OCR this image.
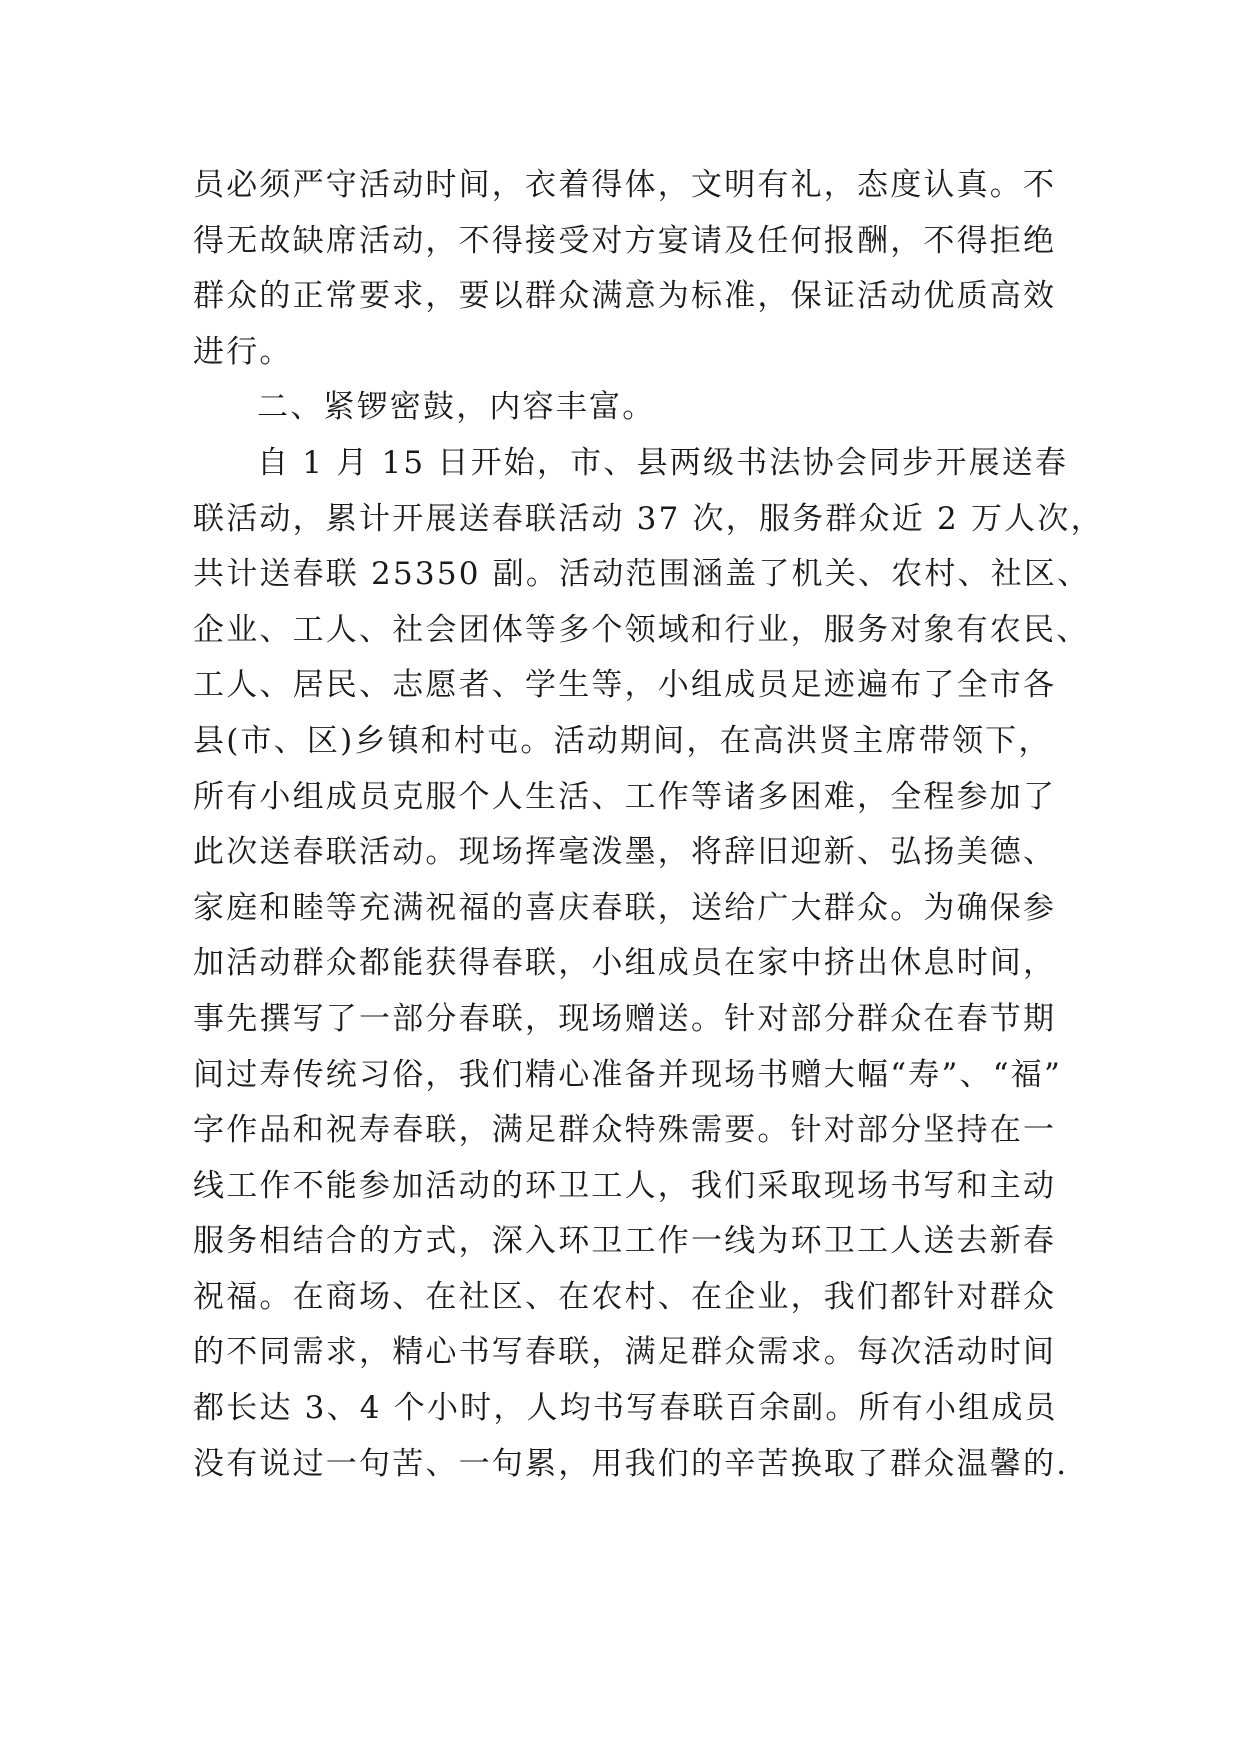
员必须严守活动时间，衣着得体，文明有礼，态度认真。不
得无故缺席活动，不得接受对方宴请及任何报酬，不得拒绝
群众的正常要求，要以群众满意为标准，保证活动优质高效
进行。
二、紧锣密鼓，内容丰富。
自 1 月 15 日开始，市、县两级书法协会同步开展送春
联活动，累计开展送春联活动 37 次，服务群众近 2 万人次，
共计送春联 25350 副。活动范围涵盖了机关、农村、社区、
企业、工人、社会团体等多个领域和行业，服务对象有农民、
工人、居民、志愿者、学生等，小组成员足迹遍布了全市各
县(市、区)乡镇和村屯。活动期间，在高洪贤主席带领下，
所有小组成员克服个人生活、工作等诸多困难，全程参加了
此次送春联活动。现场挥毫泼墨，将辞旧迎新、弘扬美德、
家庭和睦等充满祝福的喜庆春联，送给广大群众。为确保参
加活动群众都能获得春联，小组成员在家中挤出休息时间，
事先撰写了一部分春联，现场赠送。针对部分群众在春节期
间过寿传统习俗，我们精心准备并现场书赠大幅“寿”、“福”
字作品和祝寿春联，满足群众特殊需要。针对部分坚持在一
线工作不能参加活动的环卫工人，我们采取现场书写和主动
服务相结合的方式，深入环卫工作一线为环卫工人送去新春
祝福。在商场、在社区、在农村、在企业，我们都针对群众
的不同需求，精心书写春联，满足群众需求。每次活动时间
都长达 3、4 个小时，人均书写春联百余副。所有小组成员
没有说过一句苦、一句累，用我们的辛苦换取了群众温馨的.
